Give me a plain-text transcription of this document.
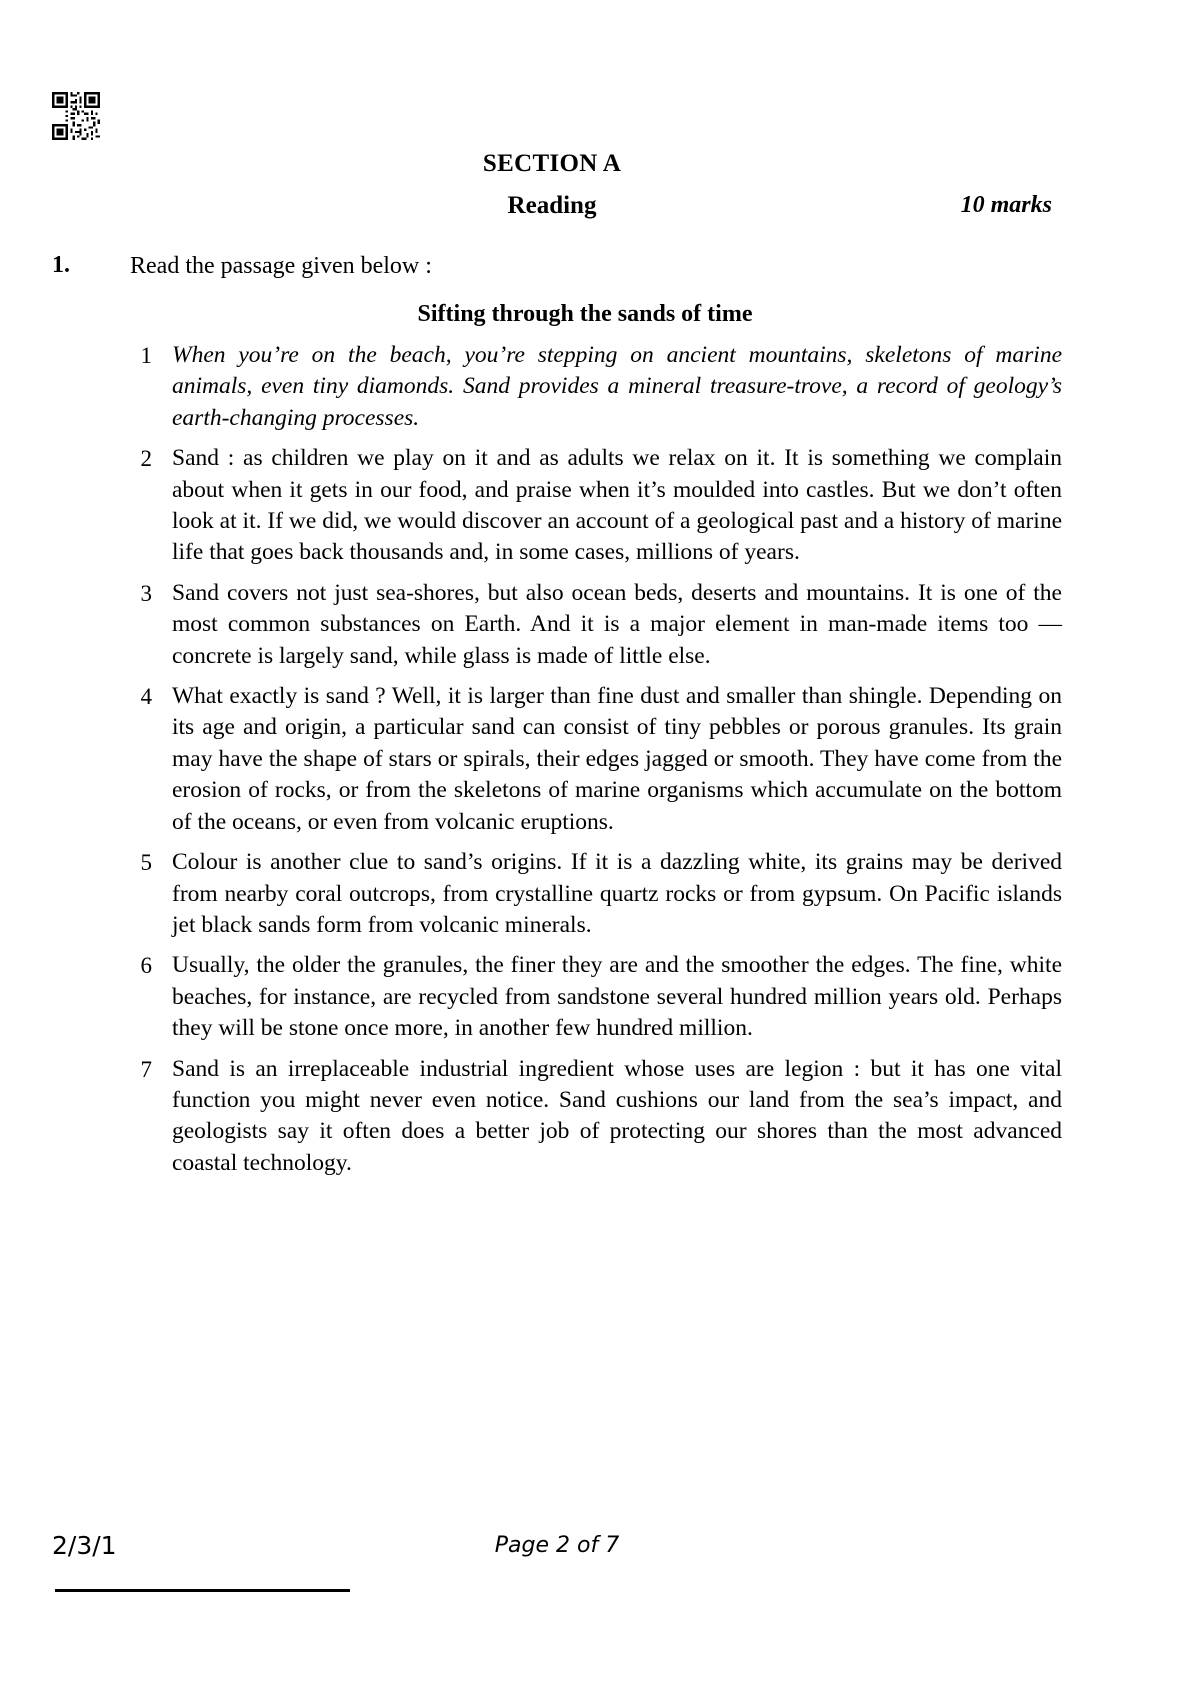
SECTION A
Reading	10 marks
1.	Read the passage given below :
Sifting through the sands of time
1 When you’re on the beach, you’re stepping on ancient mountains, skeletons of marine animals, even tiny diamonds. Sand provides a mineral treasure-trove, a record of geology’s earth-changing processes.
2 Sand : as children we play on it and as adults we relax on it. It is something we complain about when it gets in our food, and praise when it’s moulded into castles. But we don’t often look at it. If we did, we would discover an account of a geological past and a history of marine life that goes back thousands and, in some cases, millions of years.
3 Sand covers not just sea-shores, but also ocean beds, deserts and mountains. It is one of the most common substances on Earth. And it is a major element in man-made items too — concrete is largely sand, while glass is made of little else.
4 What exactly is sand ? Well, it is larger than fine dust and smaller than shingle. Depending on its age and origin, a particular sand can consist of tiny pebbles or porous granules. Its grain may have the shape of stars or spirals, their edges jagged or smooth. They have come from the erosion of rocks, or from the skeletons of marine organisms which accumulate on the bottom of the oceans, or even from volcanic eruptions.
5 Colour is another clue to sand’s origins. If it is a dazzling white, its grains may be derived from nearby coral outcrops, from crystalline quartz rocks or from gypsum. On Pacific islands jet black sands form from volcanic minerals.
6 Usually, the older the granules, the finer they are and the smoother the edges. The fine, white beaches, for instance, are recycled from sandstone several hundred million years old. Perhaps they will be stone once more, in another few hundred million.
7 Sand is an irreplaceable industrial ingredient whose uses are legion : but it has one vital function you might never even notice. Sand cushions our land from the sea’s impact, and geologists say it often does a better job of protecting our shores than the most advanced coastal technology.
2/3/1	Page 2 of 7
